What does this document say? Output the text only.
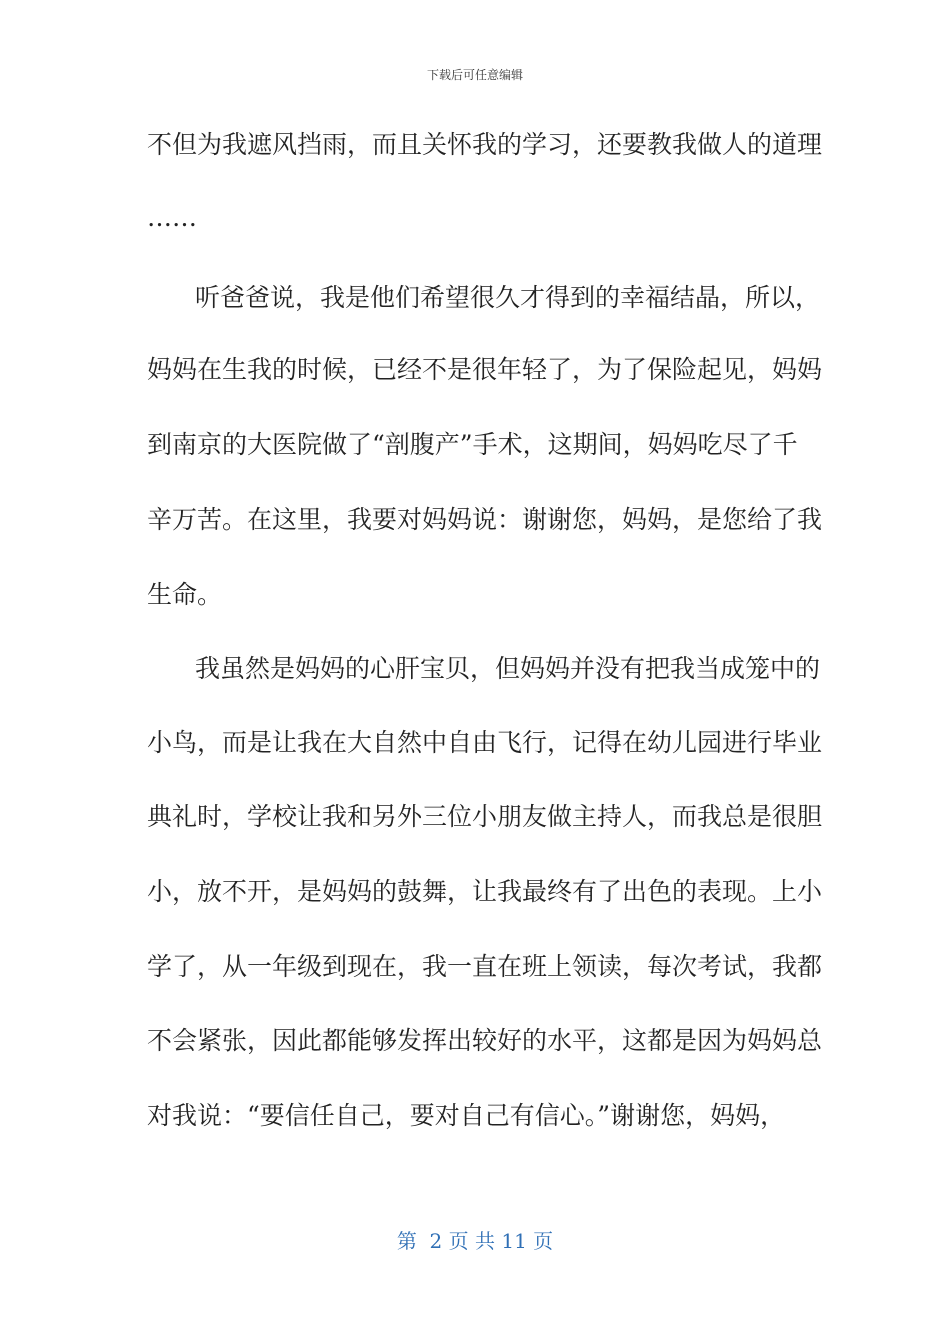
下载后可任意编辑
不但为我遮风挡雨，而且关怀我的学习，还要教我做人的道理
……
听爸爸说，我是他们希望很久才得到的幸福结晶，所以，
妈妈在生我的时候，已经不是很年轻了，为了保险起见，妈妈
到南京的大医院做了“剖腹产”手术，这期间，妈妈吃尽了千
辛万苦。在这里，我要对妈妈说：谢谢您，妈妈，是您给了我
生命。
我虽然是妈妈的心肝宝贝，但妈妈并没有把我当成笼中的
小鸟，而是让我在大自然中自由飞行，记得在幼儿园进行毕业
典礼时，学校让我和另外三位小朋友做主持人，而我总是很胆
小，放不开，是妈妈的鼓舞，让我最终有了出色的表现。上小
学了，从一年级到现在，我一直在班上领读，每次考试，我都
不会紧张，因此都能够发挥出较好的水平，这都是因为妈妈总
对我说：“要信任自己，要对自己有信心。”谢谢您，妈妈，
第  2 页 共 11 页
